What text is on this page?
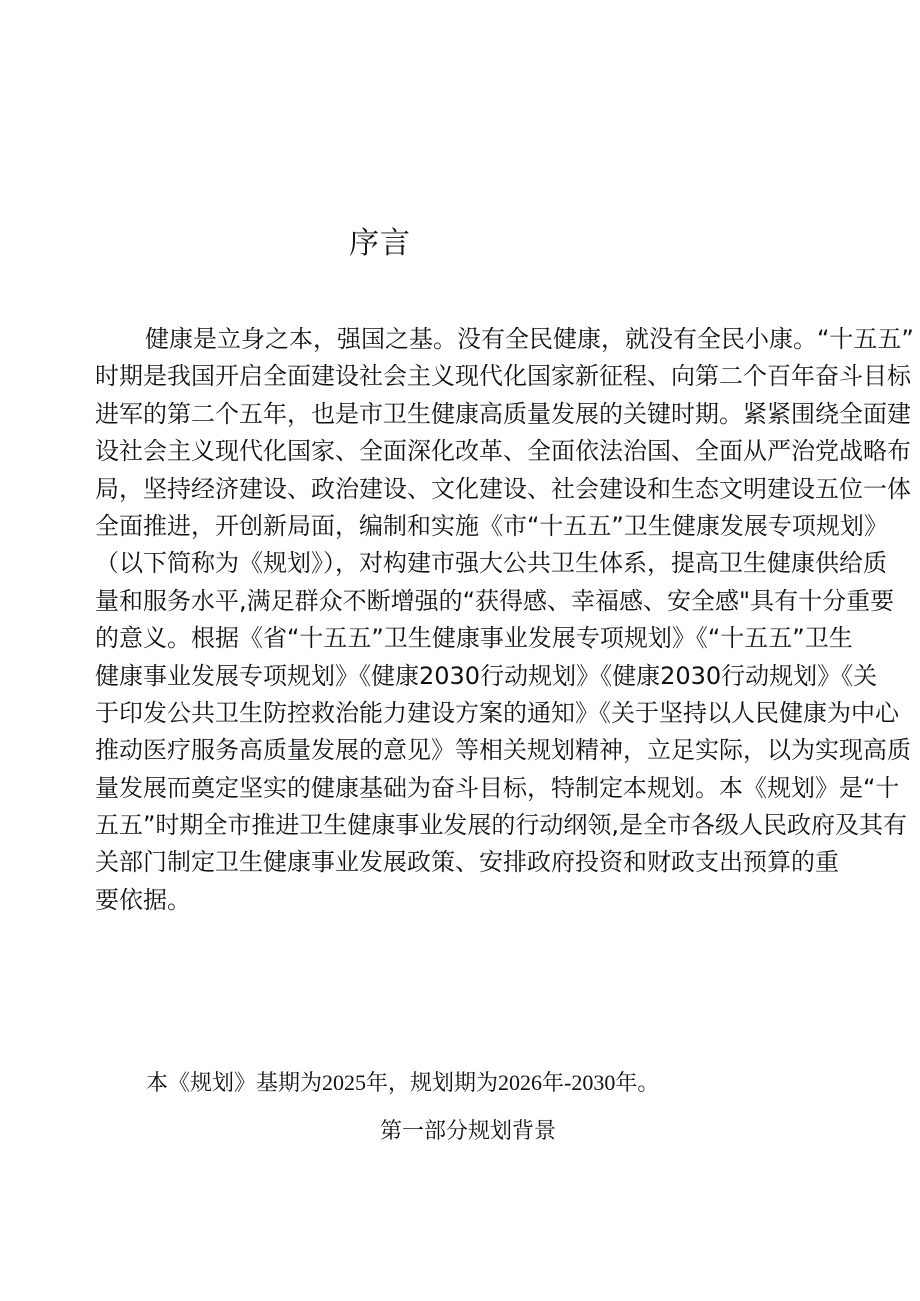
序言
健康是立身之本，强国之基。没有全民健康，就没有全民小康。“十五五”
时期是我国开启全面建设社会主义现代化国家新征程、向第二个百年奋斗目标
进军的第二个五年，也是市卫生健康高质量发展的关键时期。紧紧围绕全面建
设社会主义现代化国家、全面深化改革、全面依法治国、全面从严治党战略布
局，坚持经济建设、政治建设、文化建设、社会建设和生态文明建设五位一体
全面推进，开创新局面，编制和实施《市“十五五”卫生健康发展专项规划》
（以下简称为《规划》），对构建市强大公共卫生体系，提高卫生健康供给质
量和服务水平,满足群众不断增强的“获得感、幸福感、安全感"具有十分重要
的意义。根据《省“十五五”卫生健康事业发展专项规划》《“十五五”卫生
健康事业发展专项规划》《健康2030行动规划》《健康2030行动规划》《关
于印发公共卫生防控救治能力建设方案的通知》《关于坚持以人民健康为中心
推动医疗服务高质量发展的意见》等相关规划精神，立足实际，以为实现高质
量发展而奠定坚实的健康基础为奋斗目标，特制定本规划。本《规划》是“十
五五”时期全市推进卫生健康事业发展的行动纲领,是全市各级人民政府及其有
关部门制定卫生健康事业发展政策、安排政府投资和财政支出预算的重
要依据。
本《规划》基期为2025年，规划期为2026年-2030年。
第一部分规划背景
